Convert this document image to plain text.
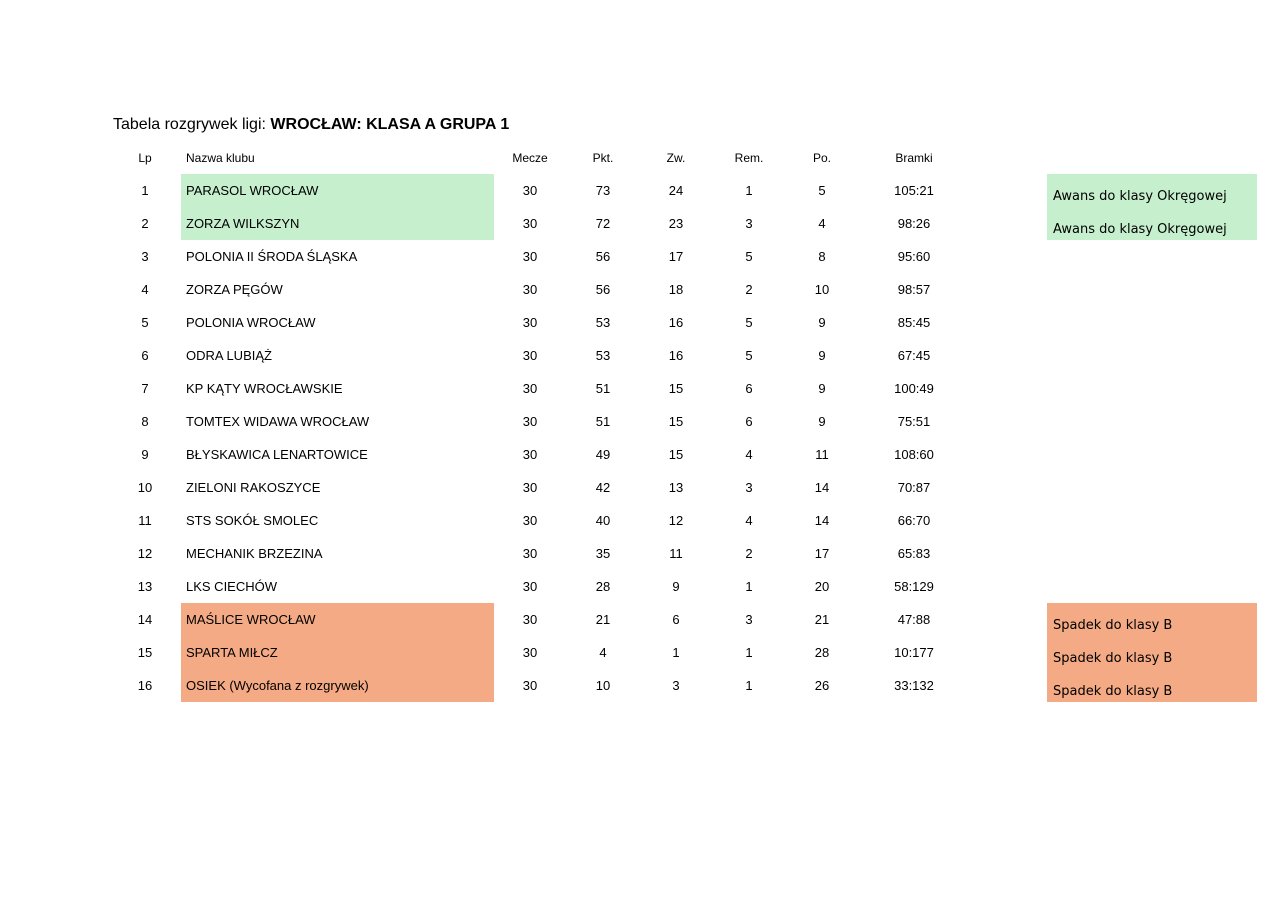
Tabela rozgrywek ligi: WROCŁAW: KLASA A GRUPA 1
Lp	Nazwa klubu	Mecze	Pkt.	Zw.	Rem.	Po.	Bramki
1	PARASOL WROCŁAW	30	73	24	1	5	105:21	Awans do klasy Okręgowej
2	ZORZA WILKSZYN	30	72	23	3	4	98:26	Awans do klasy Okręgowej
3	POLONIA II ŚRODA ŚLĄSKA	30	56	17	5	8	95:60
4	ZORZA PĘGÓW	30	56	18	2	10	98:57
5	POLONIA WROCŁAW	30	53	16	5	9	85:45
6	ODRA LUBIĄŻ	30	53	16	5	9	67:45
7	KP KĄTY WROCŁAWSKIE	30	51	15	6	9	100:49
8	TOMTEX WIDAWA WROCŁAW	30	51	15	6	9	75:51
9	BŁYSKAWICA LENARTOWICE	30	49	15	4	11	108:60
10	ZIELONI RAKOSZYCE	30	42	13	3	14	70:87
11	STS SOKÓŁ SMOLEC	30	40	12	4	14	66:70
12	MECHANIK BRZEZINA	30	35	11	2	17	65:83
13	LKS CIECHÓW	30	28	9	1	20	58:129
14	MAŚLICE WROCŁAW	30	21	6	3	21	47:88	Spadek do klasy B
15	SPARTA MIŁCZ	30	4	1	1	28	10:177	Spadek do klasy B
16	OSIEK (Wycofana z rozgrywek)	30	10	3	1	26	33:132	Spadek do klasy B
